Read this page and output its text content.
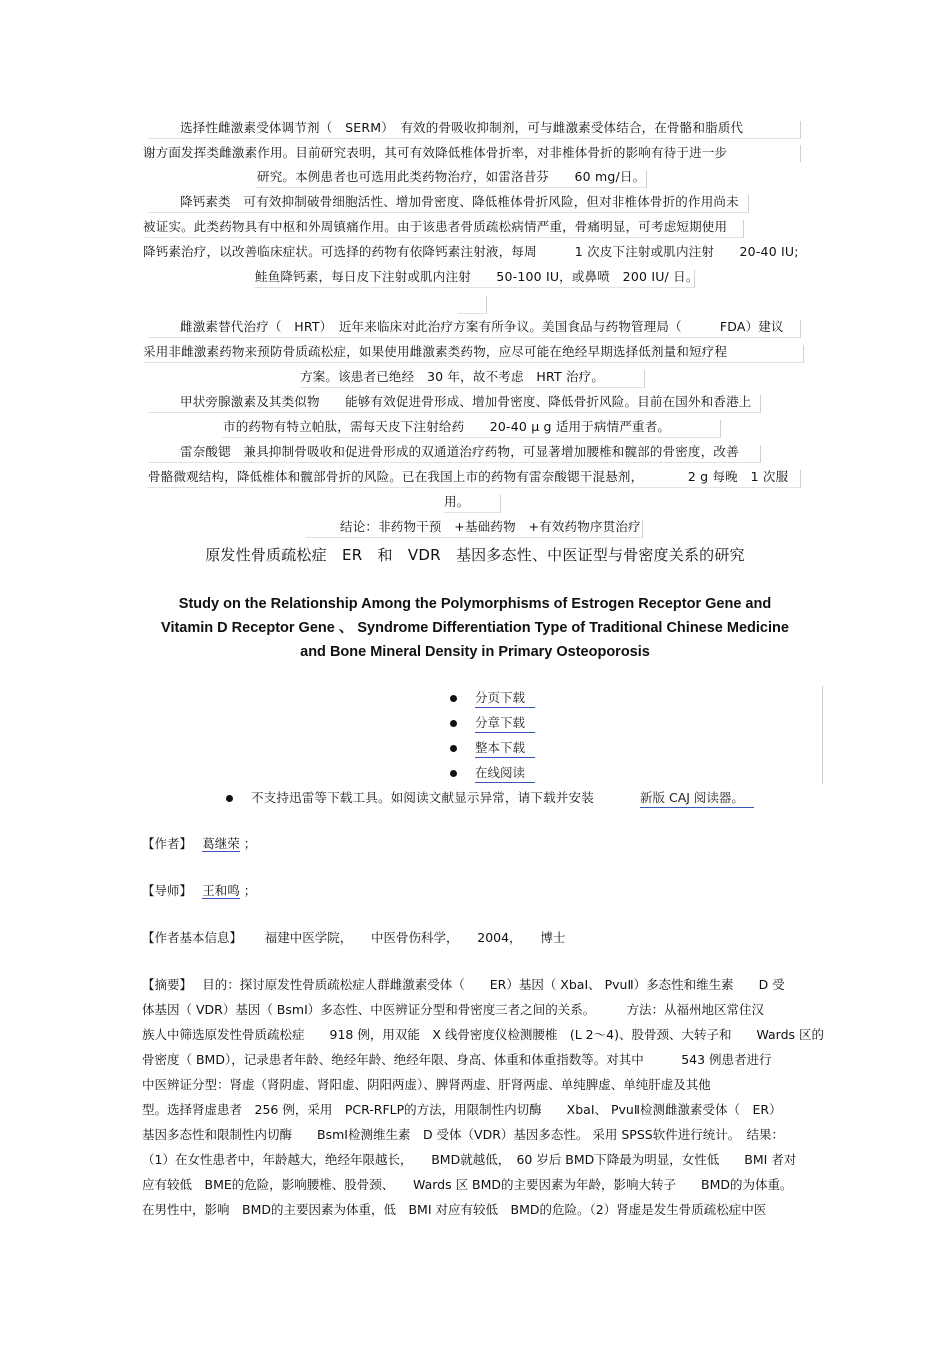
选择性雌激素受体调节剂（　SERM）　有效的骨吸收抑制剂，可与雌激素受体结合，在骨骼和脂质代
谢方面发挥类雌激素作用。目前研究表明，其可有效降低椎体骨折率，对非椎体骨折的影响有待于进一步
研究。本例患者也可选用此类药物治疗，如雷洛昔芬　　60 mg/日。
降钙素类　可有效抑制破骨细胞活性、增加骨密度、降低椎体骨折风险，但对非椎体骨折的作用尚未
被证实。此类药物具有中枢和外周镇痛作用。由于该患者骨质疏松病情严重，骨痛明显，可考虑短期使用
降钙素治疗，以改善临床症状。可选择的药物有依降钙素注射液，每周　　　1 次皮下注射或肌内注射　　20-40 IU;
鲑鱼降钙素，每日皮下注射或肌内注射　　50-100 IU，或鼻喷　200 IU/ 日。
雌激素替代治疗（　HRT）　近年来临床对此治疗方案有所争议。美国食品与药物管理局（　　　FDA）建议
采用非雌激素药物来预防骨质疏松症，如果使用雌激素类药物，应尽可能在绝经早期选择低剂量和短疗程
方案。该患者已绝经　30 年，故不考虑　HRT 治疗。
甲状旁腺激素及其类似物　　能够有效促进骨形成、增加骨密度、降低骨折风险。目前在国外和香港上
市的药物有特立帕肽，需每天皮下注射给药　　20-40 μ g 适用于病情严重者。
雷奈酸锶　兼具抑制骨吸收和促进骨形成的双通道治疗药物，可显著增加腰椎和髋部的骨密度，改善
骨骼微观结构，降低椎体和髋部骨折的风险。已在我国上市的药物有雷奈酸锶干混悬剂，　　　　2 g 每晚　1 次服
用。
结论：非药物干预　+基础药物　+有效药物序贯治疗
原发性骨质疏松症　ER　和　VDR　基因多态性、中医证型与骨密度关系的研究
Study on the Relationship Among the Polymorphisms of Estrogen Receptor Gene and
Vitamin D Receptor Gene 、 Syndrome Differentiation Type of Traditional Chinese Medicine
and Bone Mineral Density in Primary Osteoporosis
分页下载
分章下载
整本下载
在线阅读
不支持迅雷等下载工具。如阅读文献显示异常，请下载并安装	新版 CAJ 阅读器。
【作者】　 葛继荣 ；
【导师】　 王和鸣 ；
【作者基本信息】　　 福建中医学院，　　中医骨伤科学，　　2004，　　博士
【摘要】　 目的：探讨原发性骨质疏松症人群雌激素受体（　　ER）基因（ XbaⅠ、 PvuⅡ）多态性和维生素　　D 受
体基因（ VDR）基因（ BsmⅠ）多态性、中医辨证分型和骨密度三者之间的关系。　　　方法：从福州地区常住汉
族人中筛选原发性骨质疏松症　　918 例，用双能　X 线骨密度仪检测腰椎　(L 2～4)、股骨颈、大转子和　　Wards 区的
骨密度（ BMD），记录患者年龄、绝经年龄、绝经年限、身高、体重和体重指数等。对其中　　　543 例患者进行
中医辨证分型：肾虚（肾阴虚、肾阳虚、阴阳两虚）、脾肾两虚、肝肾两虚、单纯脾虚、单纯肝虚及其他
型。选择肾虚患者　256 例，采用　PCR-RFLP的方法，用限制性内切酶　　XbaⅠ、 PvuⅡ检测雌激素受体（　ER）
基因多态性和限制性内切酶　　BsmⅠ检测维生素　D 受体（VDR）基因多态性。 采用 SPSS软件进行统计。　结果：
（1）在女性患者中，年龄越大，绝经年限越长，　　BMD就越低，　60 岁后 BMD下降最为明显，女性低　　BMI 者对
应有较低　BME的危险，影响腰椎、股骨颈、　　Wards 区 BMD的主要因素为年龄，影响大转子　　BMD的为体重。
在男性中，影响　BMD的主要因素为体重，低　BMI 对应有较低　BMD的危险。（2）肾虚是发生骨质疏松症中医
